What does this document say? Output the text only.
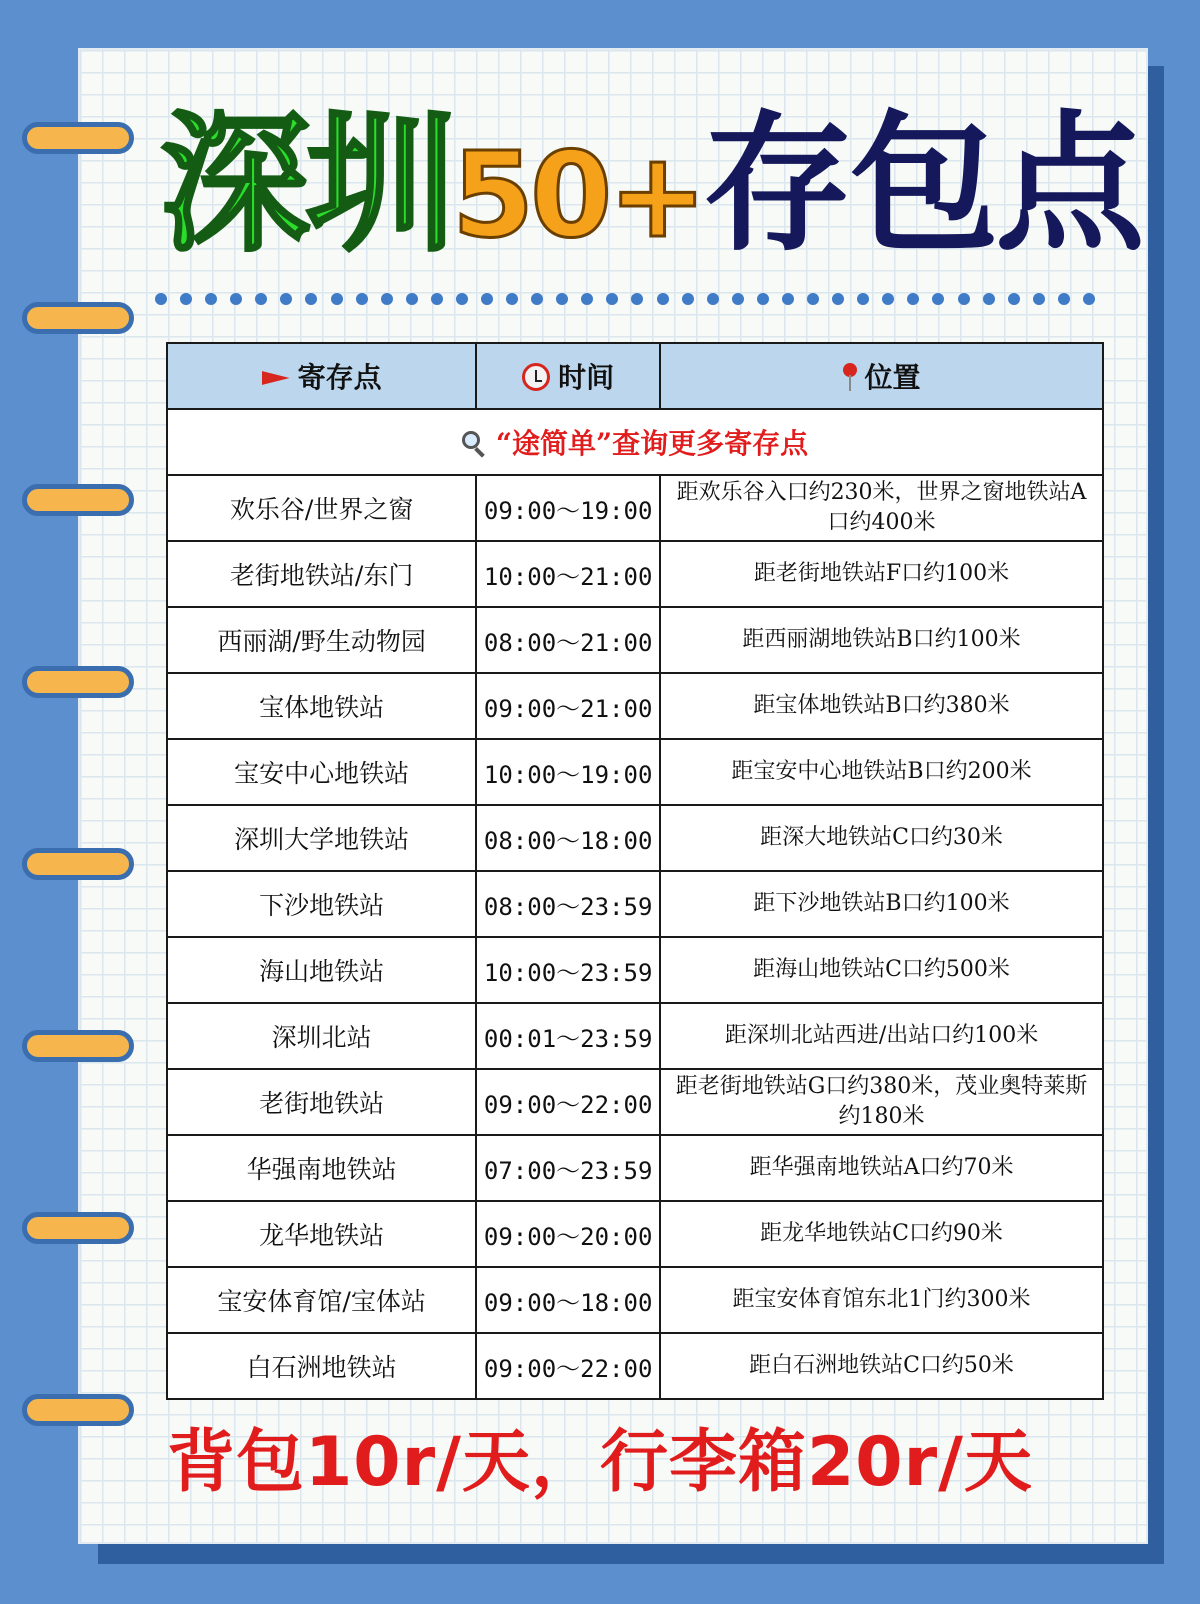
深圳50+存包点
寄存点	时间	位置
“途简单”查询更多寄存点		
欢乐谷/世界之窗	09:00～19:00	距欢乐谷入口约230米，世界之窗地铁站A口约400米
老街地铁站/东门	10:00～21:00	距老街地铁站F口约100米
西丽湖/野生动物园	08:00～21:00	距西丽湖地铁站B口约100米
宝体地铁站	09:00～21:00	距宝体地铁站B口约380米
宝安中心地铁站	10:00～19:00	距宝安中心地铁站B口约200米
深圳大学地铁站	08:00～18:00	距深大地铁站C口约30米
下沙地铁站	08:00～23:59	距下沙地铁站B口约100米
海山地铁站	10:00～23:59	距海山地铁站C口约500米
深圳北站	00:01～23:59	距深圳北站西进/出站口约100米
老街地铁站	09:00～22:00	距老街地铁站G口约380米，茂业奥特莱斯约180米
华强南地铁站	07:00～23:59	距华强南地铁站A口约70米
龙华地铁站	09:00～20:00	距龙华地铁站C口约90米
宝安体育馆/宝体站	09:00～18:00	距宝安体育馆东北1门约300米
白石洲地铁站	09:00～22:00	距白石洲地铁站C口约50米
背包10r/天，行李箱20r/天
